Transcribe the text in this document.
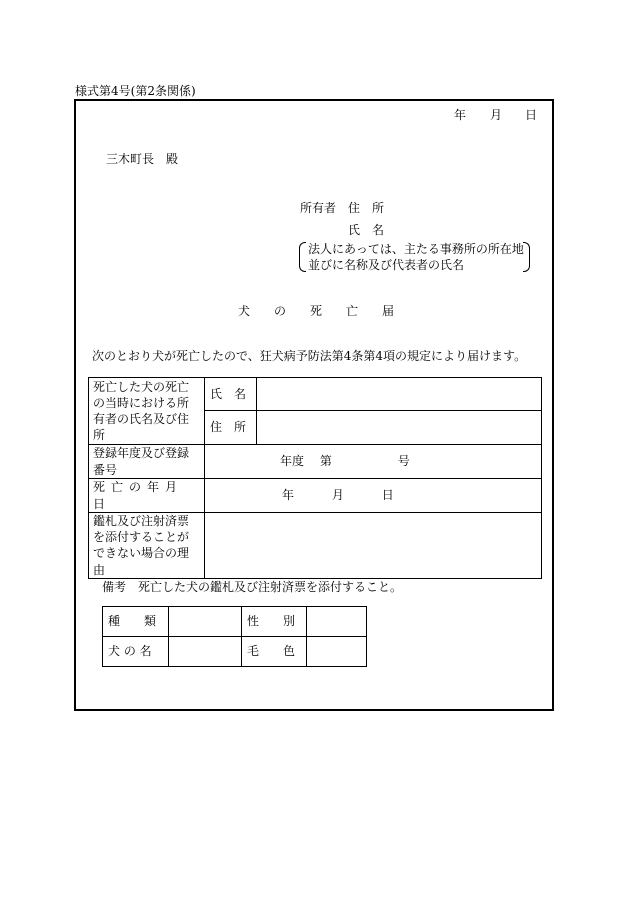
様式第4号(第2条関係)
年 月 日
三木町長　殿
所有者 住　所
氏　名
法人にあっては、主たる事務所の所在地
並びに名称及び代表者の氏名
犬　　の　　死　　亡　　届
次のとおり犬が死亡したので、狂犬病予防法第4条第4項の規定により届けます。
死亡した犬の死亡の当時における所有者の氏名及び住所	氏　名	
	住　所	
登録年度及び登録番号	年度 第 号	
死亡の年月日	年 月 日	
鑑札及び注射済票を添付することができない場合の理由		
備考　死亡した犬の鑑札及び注射済票を添付すること。
種　　類		性　　別	
犬 の 名		毛　　色	
